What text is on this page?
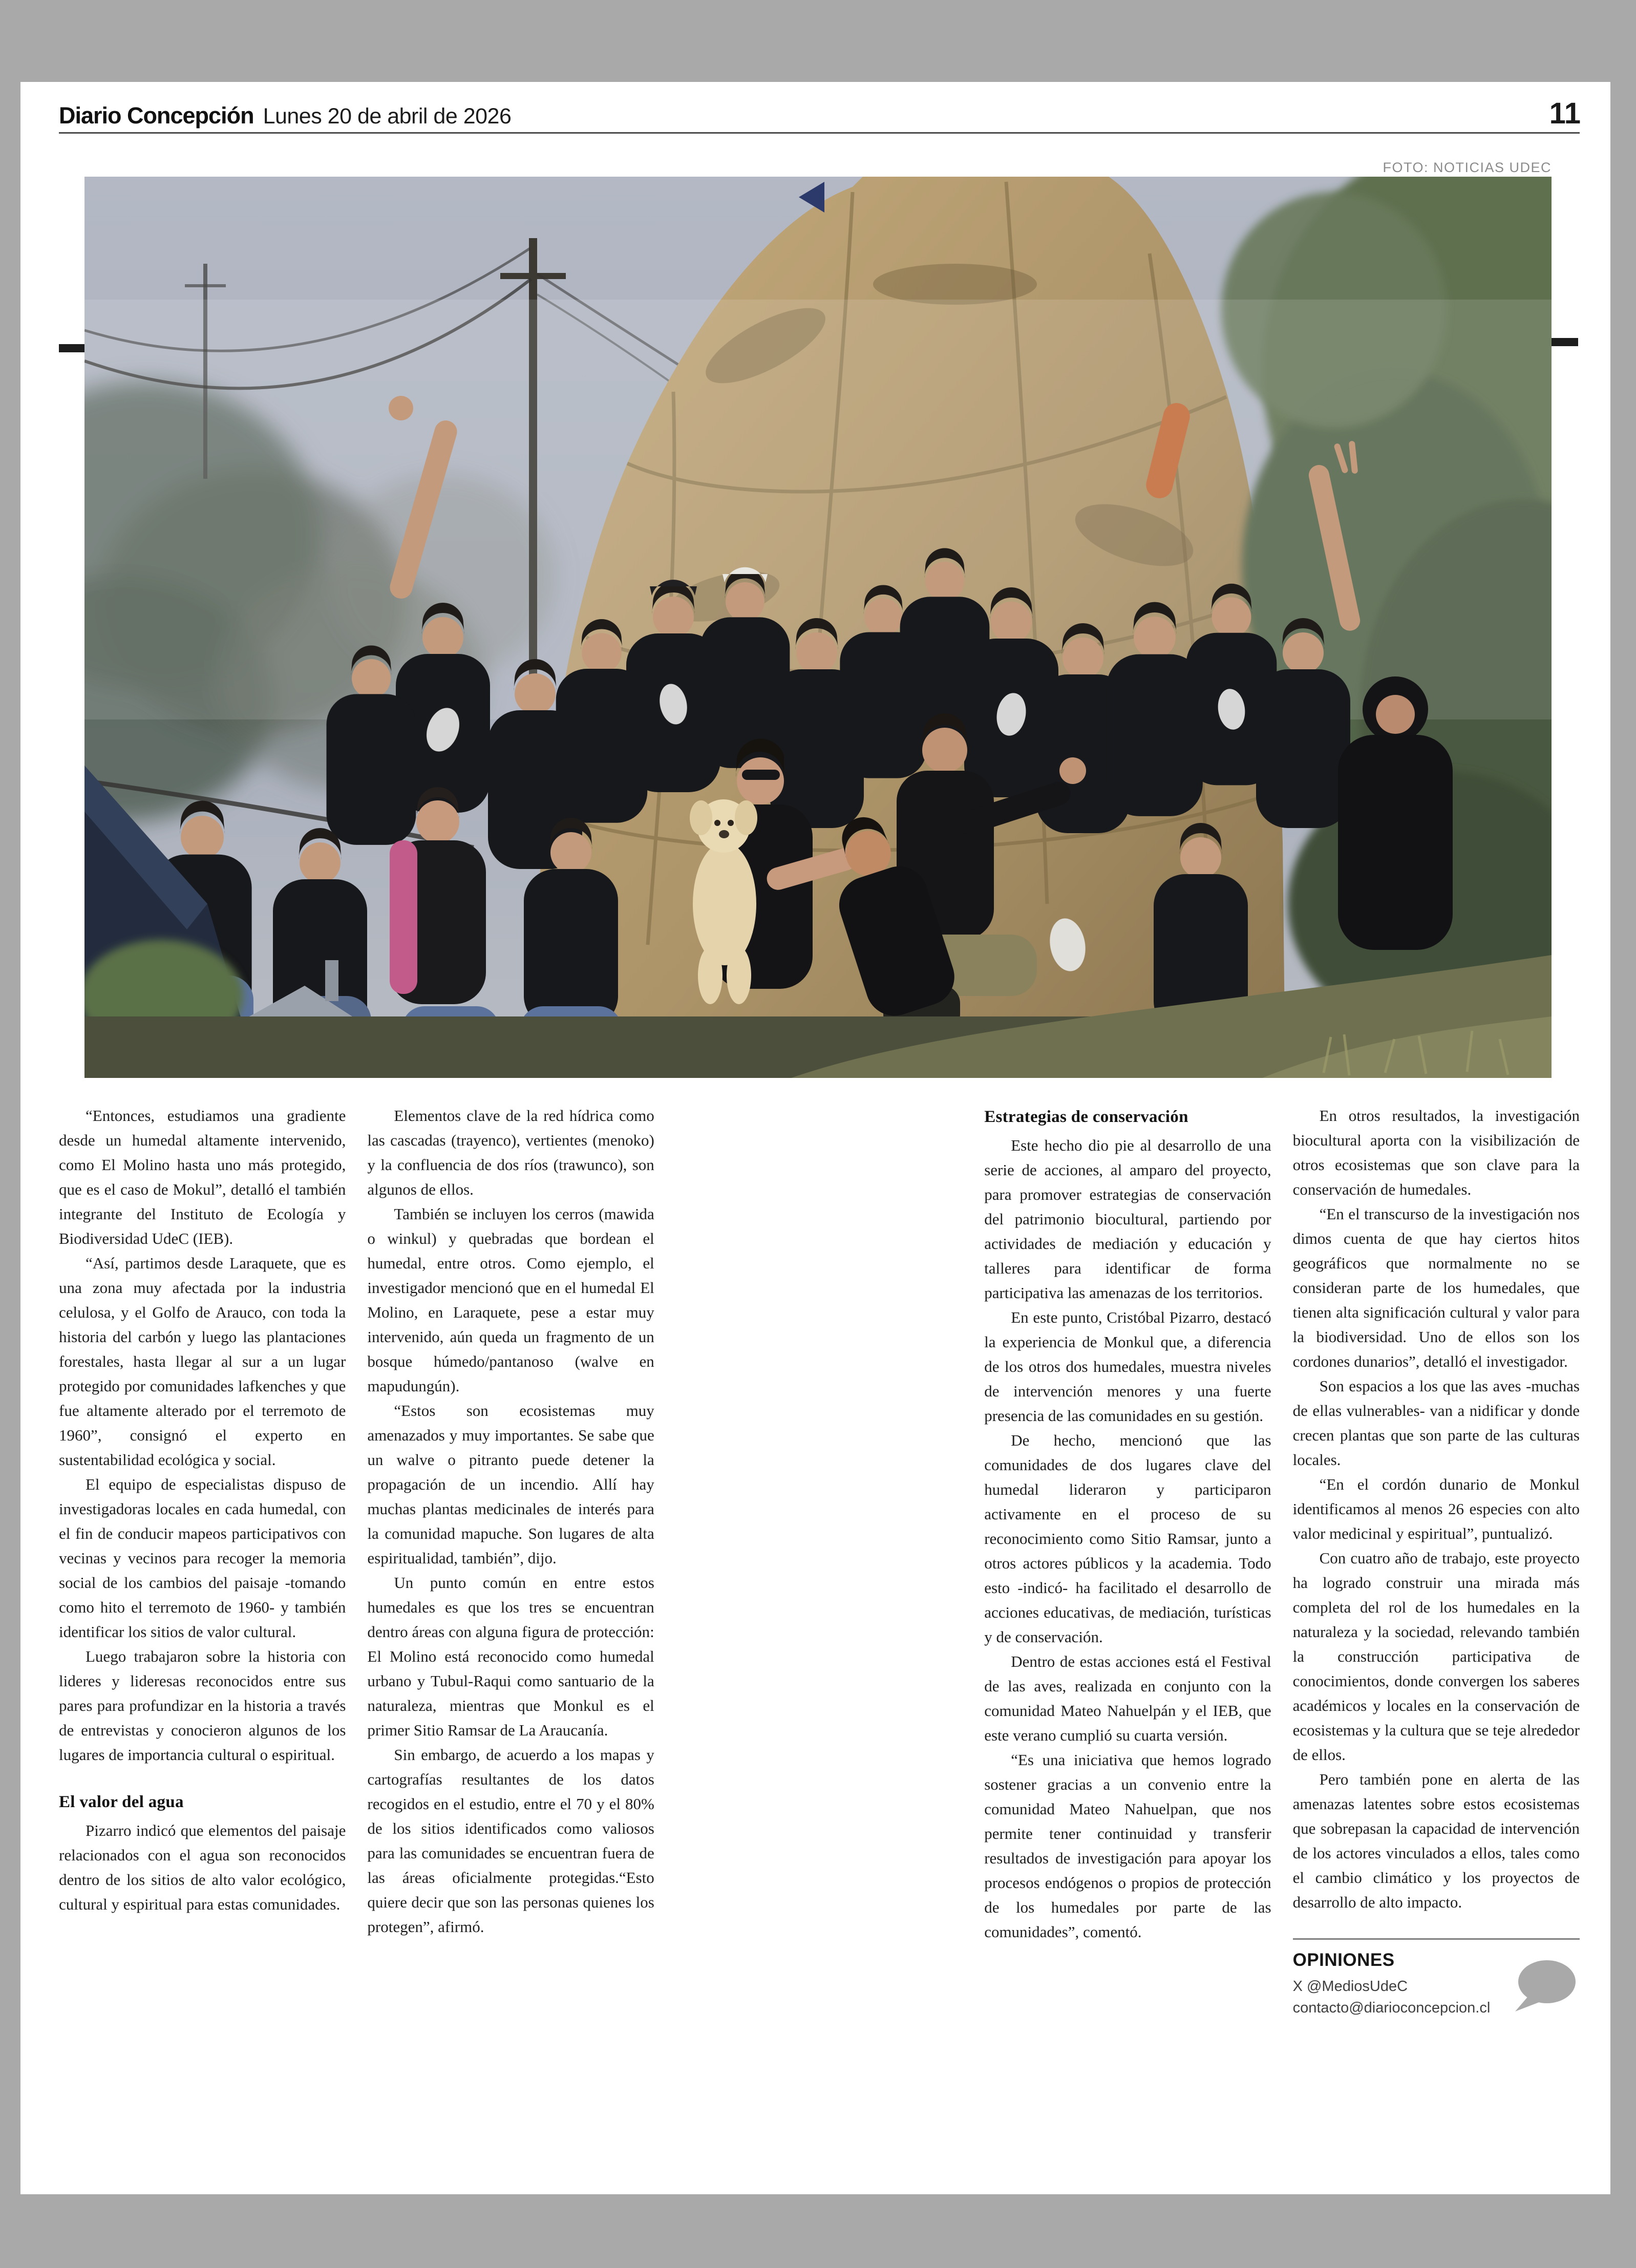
Diario Concepción Lunes 20 de abril de 2026	11
FOTO: NOTICIAS UDEC

“Entonces, estudiamos una gradiente desde un humedal altamente intervenido, como El Molino hasta uno más protegido, que es el caso de Mokul”, detalló el también integrante del Instituto de Ecología y Biodiversidad UdeC (IEB).

“Así, partimos desde Laraquete, que es una zona muy afectada por la industria celulosa, y el Golfo de Arauco, con toda la historia del carbón y luego las plantaciones forestales, hasta llegar al sur a un lugar protegido por comunidades lafkenches y que fue altamente alterado por el terremoto de 1960”, consignó el experto en sustentabilidad ecológica y social.

El equipo de especialistas dispuso de investigadoras locales en cada humedal, con el fin de conducir mapeos participativos con vecinas y vecinos para recoger la memoria social de los cambios del paisaje -tomando como hito el terremoto de 1960- y también identificar los sitios de valor cultural.

Luego trabajaron sobre la historia con lideres y lideresas reconocidos entre sus pares para profundizar en la historia a través de entrevistas y conocieron algunos de los lugares de importancia cultural o espiritual.

El valor del agua

Pizarro indicó que elementos del paisaje relacionados con el agua son reconocidos dentro de los sitios de alto valor ecológico, cultural y espiritual para estas comunidades.

Elementos clave de la red hídrica como las cascadas (trayenco), vertientes (menoko) y la confluencia de dos ríos (trawunco), son algunos de ellos.

También se incluyen los cerros (mawida o winkul) y quebradas que bordean el humedal, entre otros. Como ejemplo, el investigador mencionó que en el humedal El Molino, en Laraquete, pese a estar muy intervenido, aún queda un fragmento de un bosque húmedo/pantanoso (walve en mapudungún).

“Estos son ecosistemas muy amenazados y muy importantes. Se sabe que un walve o pitranto puede detener la propagación de un incendio. Allí hay muchas plantas medicinales de interés para la comunidad mapuche. Son lugares de alta espiritualidad, también”, dijo.

Un punto común en entre estos humedales es que los tres se encuentran dentro áreas con alguna figura de protección: El Molino está reconocido como humedal urbano y Tubul-Raqui como santuario de la naturaleza, mientras que Monkul es el primer Sitio Ramsar de La Araucanía.

Sin embargo, de acuerdo a los mapas y cartografías resultantes de los datos recogidos en el estudio, entre el 70 y el 80% de los sitios identificados como valiosos para las comunidades se encuentran fuera de las áreas oficialmente protegidas.“Esto quiere decir que son las personas quienes los protegen”, afirmó.

Estrategias de conservación

Este hecho dio pie al desarrollo de una serie de acciones, al amparo del proyecto, para promover estrategias de conservación del patrimonio biocultural, partiendo por actividades de mediación y educación y talleres para identificar de forma participativa las amenazas de los territorios.

En este punto, Cristóbal Pizarro, destacó la experiencia de Monkul que, a diferencia de los otros dos humedales, muestra niveles de intervención menores y una fuerte presencia de las comunidades en su gestión.

De hecho, mencionó que las comunidades de dos lugares clave del humedal lideraron y participaron activamente en el proceso de su reconocimiento como Sitio Ramsar, junto a otros actores públicos y la academia. Todo esto -indicó- ha facilitado el desarrollo de acciones educativas, de mediación, turísticas y de conservación.

Dentro de estas acciones está el Festival de las aves, realizada en conjunto con la comunidad Mateo Nahuelpán y el IEB, que este verano cumplió su cuarta versión.

“Es una iniciativa que hemos logrado sostener gracias a un convenio entre la comunidad Mateo Nahuelpan, que nos permite tener continuidad y transferir resultados de investigación para apoyar los procesos endógenos o propios de protección de los humedales por parte de las comunidades”, comentó.

En otros resultados, la investigación biocultural aporta con la visibilización de otros ecosistemas que son clave para la conservación de humedales.

“En el transcurso de la investigación nos dimos cuenta de que hay ciertos hitos geográficos que normalmente no se consideran parte de los humedales, que tienen alta significación cultural y valor para la biodiversidad. Uno de ellos son los cordones dunarios”, detalló el investigador.

Son espacios a los que las aves -muchas de ellas vulnerables- van a nidificar y donde crecen plantas que son parte de las culturas locales.

“En el cordón dunario de Monkul identificamos al menos 26 especies con alto valor medicinal y espiritual”, puntualizó.

Con cuatro año de trabajo, este proyecto ha logrado construir una mirada más completa del rol de los humedales en la naturaleza y la sociedad, relevando también la construcción participativa de conocimientos, donde convergen los saberes académicos y locales en la conservación de ecosistemas y la cultura que se teje alrededor de ellos.

Pero también pone en alerta de las amenazas latentes sobre estos ecosistemas que sobrepasan la capacidad de intervención de los actores vinculados a ellos, tales como el cambio climático y los proyectos de desarrollo de alto impacto.

OPINIONES
X @MediosUdeC
contacto@diarioconcepcion.cl
